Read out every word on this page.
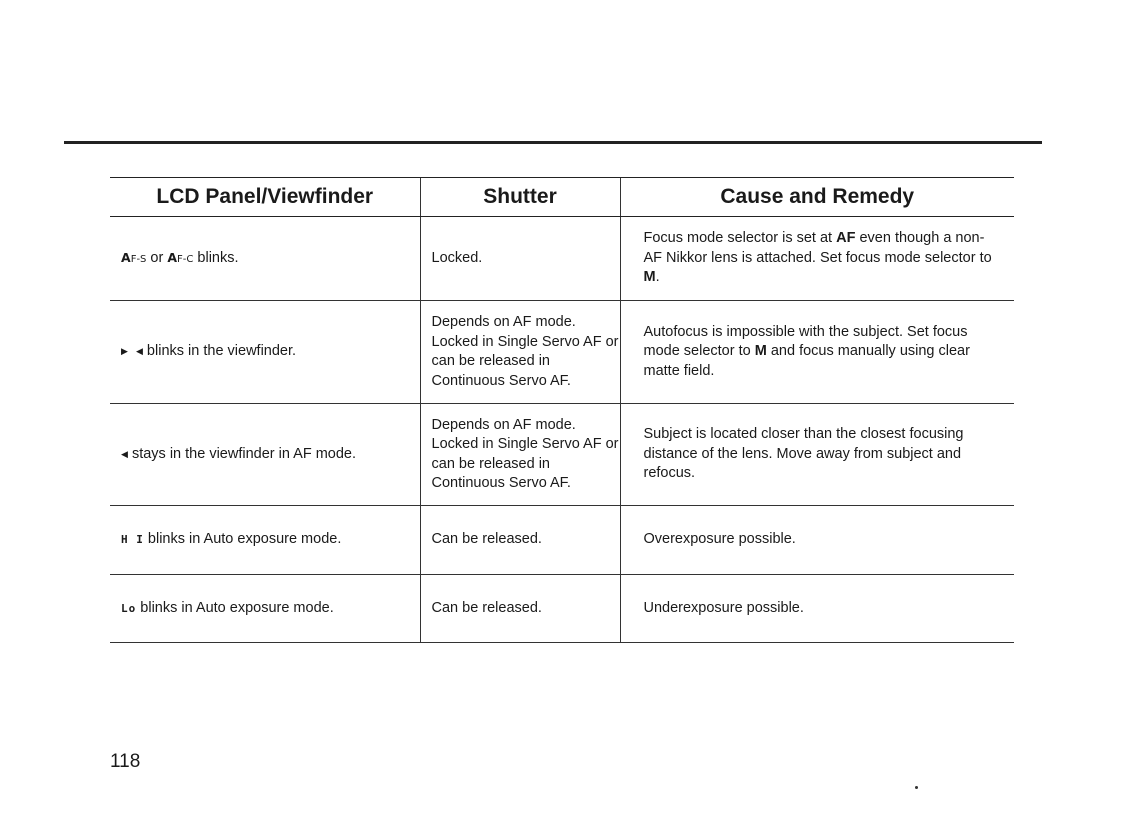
LCD Panel/Viewfinder	Shutter	Cause and Remedy
AF-S or AF-C blinks.	Locked.	Focus mode selector is set at AF even though a non-AF Nikkor lens is attached. Set focus mode selector to M.
▶ ◀ blinks in the viewfinder.	Depends on AF mode. Locked in Single Servo AF or can be released in Continuous Servo AF.	Autofocus is impossible with the subject. Set focus mode selector to M and focus manually using clear matte field.
◀ stays in the viewfinder in AF mode.	Depends on AF mode. Locked in Single Servo AF or can be released in Continuous Servo AF.	Subject is located closer than the closest focusing distance of the lens. Move away from subject and refocus.
H I blinks in Auto exposure mode.	Can be released.	Overexposure possible.
Lo blinks in Auto exposure mode.	Can be released.	Underexposure possible.
118
